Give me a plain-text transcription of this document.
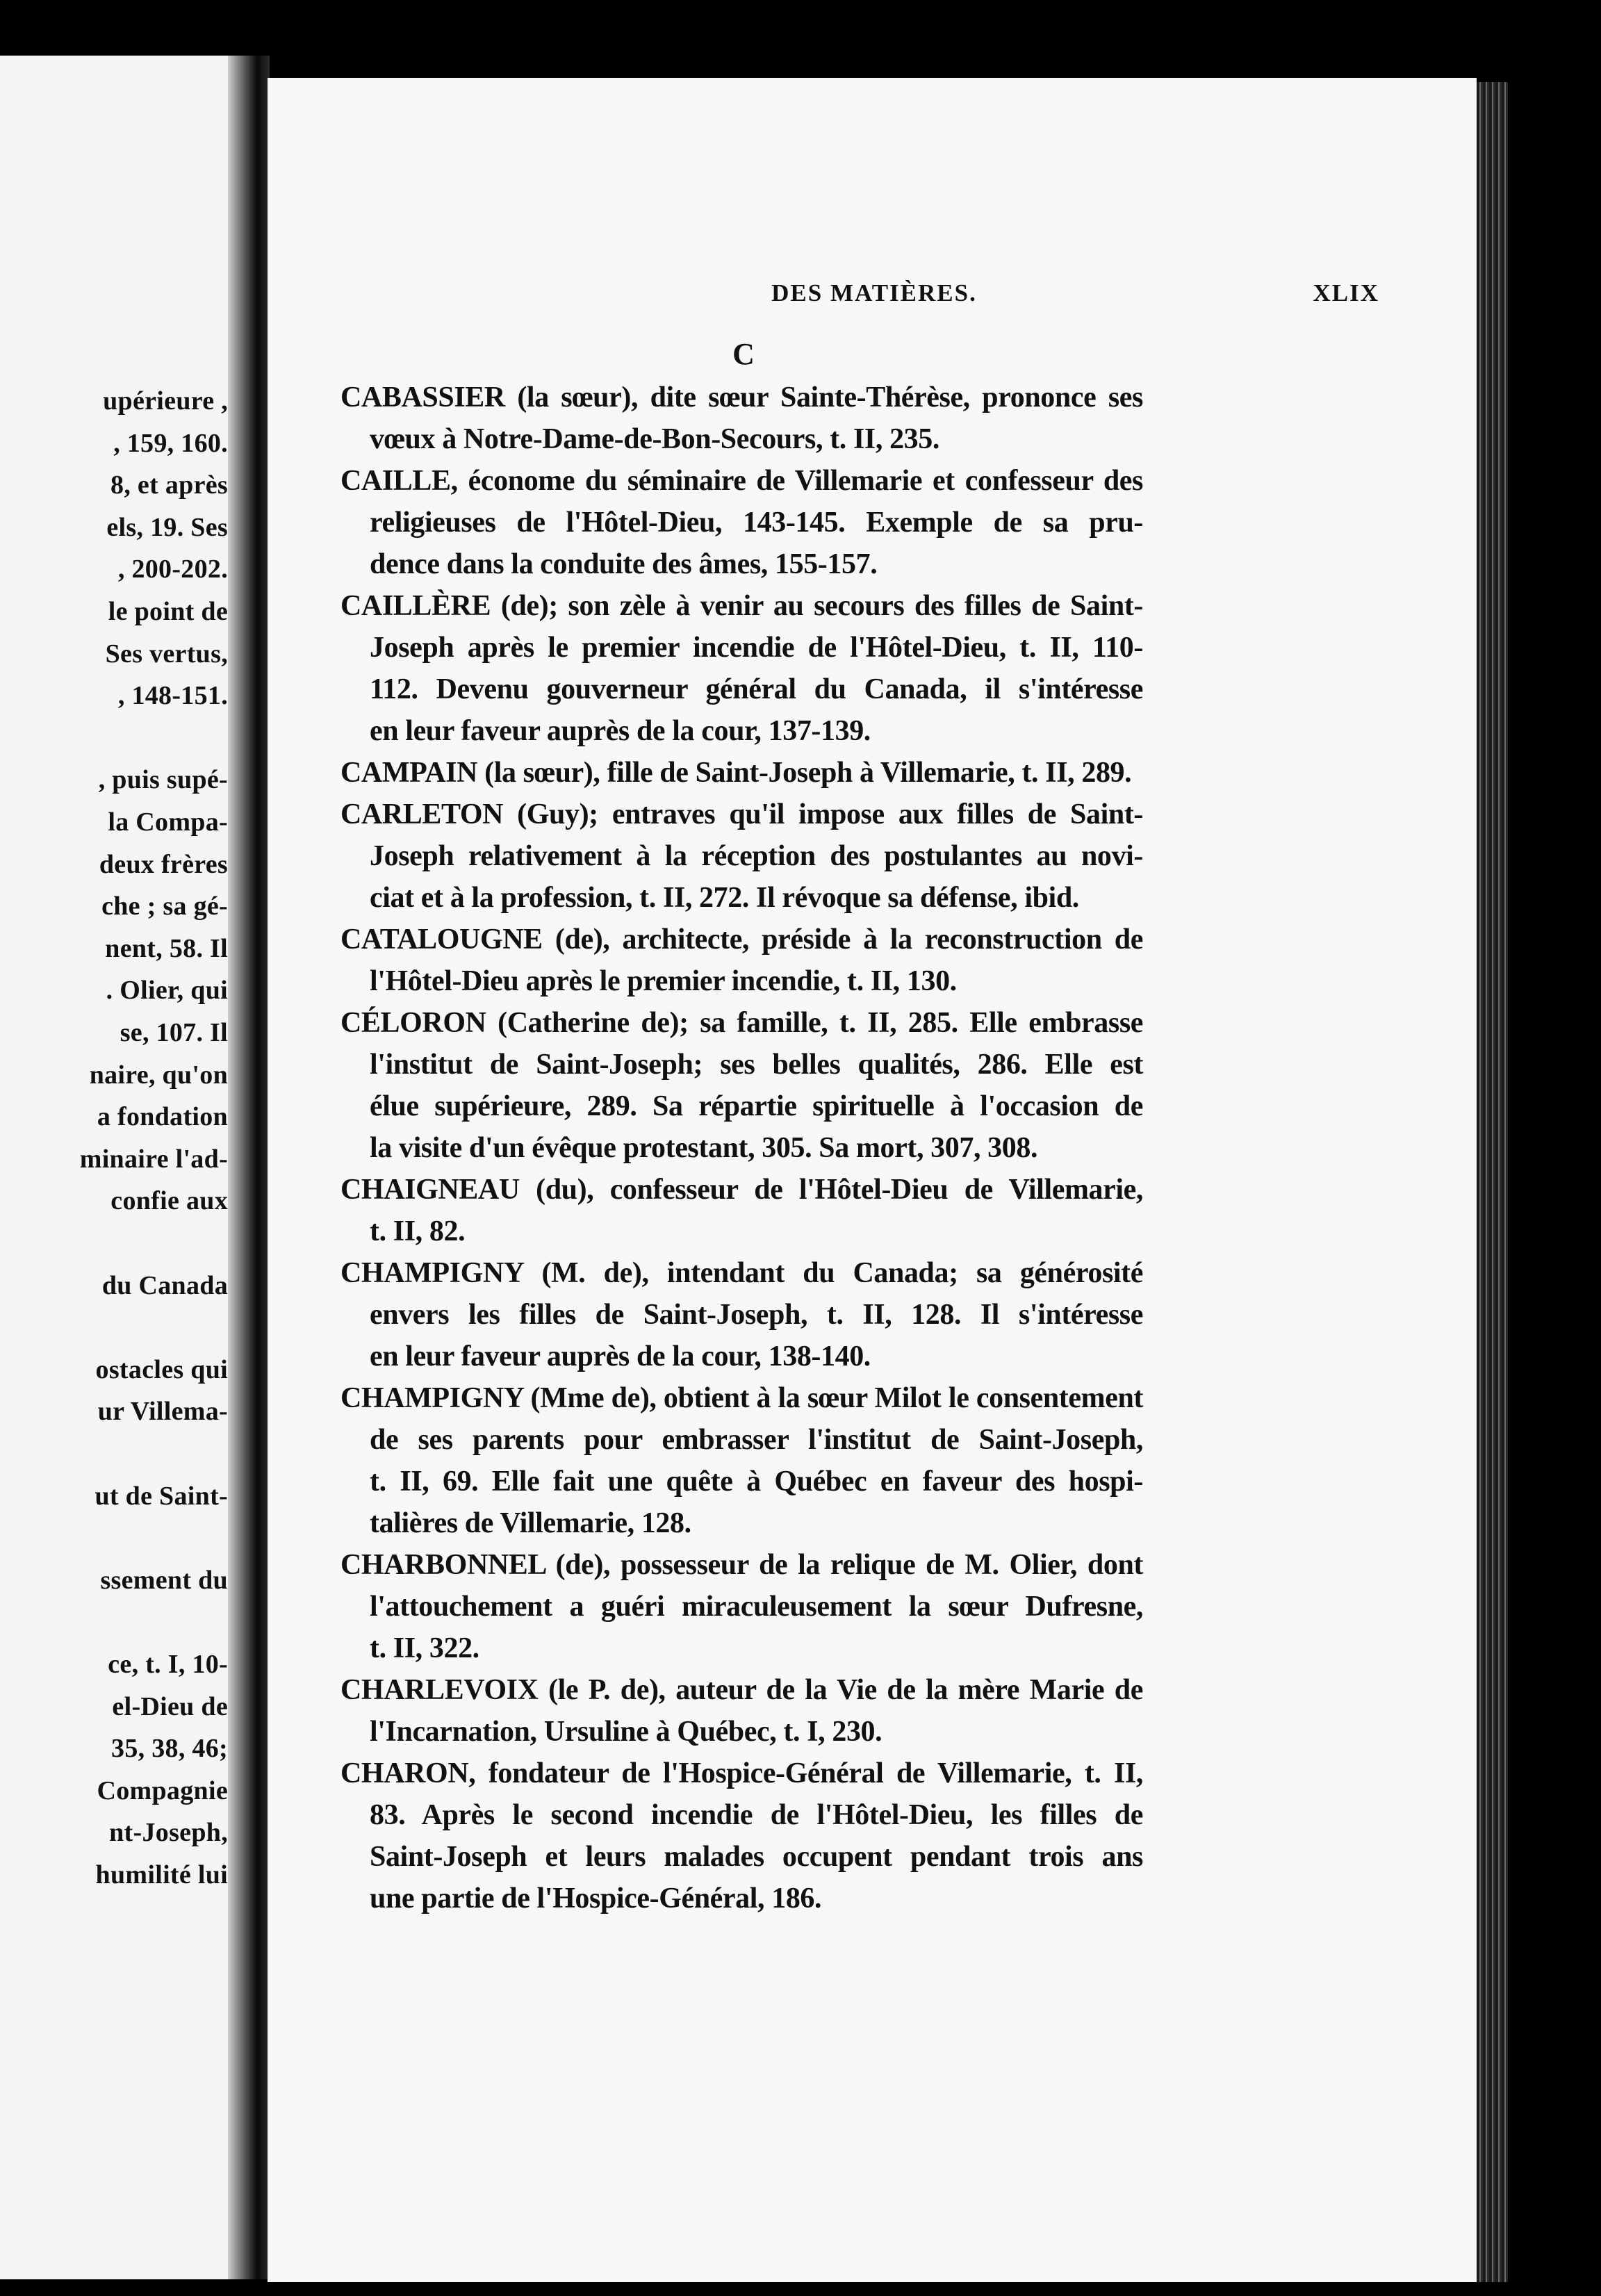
upérieure ,
, 159, 160.
8, et après
els, 19. Ses
, 200-202.
le point de
Ses vertus,
, 148-151.
, puis supé-
la Compa-
deux frères
che ; sa gé-
nent, 58. Il
. Olier, qui
se, 107. Il
naire, qu'on
a fondation
minaire l'ad-
confie aux
du Canada
ostacles qui
ur Villema-
ut de Saint-
ssement du
ce, t. I, 10-
el-Dieu de
35, 38, 46;
Compagnie
nt-Joseph,
humilité lui
DES MATIÈRES.	XLIX
C
CABASSIER (la sœur), dite sœur Sainte-Thérèse, prononce ses
vœux à Notre-Dame-de-Bon-Secours, t. II, 235.
CAILLE, économe du séminaire de Villemarie et confesseur des
religieuses de l'Hôtel-Dieu, 143-145. Exemple de sa pru-
dence dans la conduite des âmes, 155-157.
CAILLÈRE (de); son zèle à venir au secours des filles de Saint-
Joseph après le premier incendie de l'Hôtel-Dieu, t. II, 110-
112. Devenu gouverneur général du Canada, il s'intéresse
en leur faveur auprès de la cour, 137-139.
CAMPAIN (la sœur), fille de Saint-Joseph à Villemarie, t. II, 289.
CARLETON (Guy); entraves qu'il impose aux filles de Saint-
Joseph relativement à la réception des postulantes au novi-
ciat et à la profession, t. II, 272. Il révoque sa défense, ibid.
CATALOUGNE (de), architecte, préside à la reconstruction de
l'Hôtel-Dieu après le premier incendie, t. II, 130.
CÉLORON (Catherine de); sa famille, t. II, 285. Elle embrasse
l'institut de Saint-Joseph; ses belles qualités, 286. Elle est
élue supérieure, 289. Sa répartie spirituelle à l'occasion de
la visite d'un évêque protestant, 305. Sa mort, 307, 308.
CHAIGNEAU (du), confesseur de l'Hôtel-Dieu de Villemarie,
t. II, 82.
CHAMPIGNY (M. de), intendant du Canada; sa générosité
envers les filles de Saint-Joseph, t. II, 128. Il s'intéresse
en leur faveur auprès de la cour, 138-140.
CHAMPIGNY (Mme de), obtient à la sœur Milot le consentement
de ses parents pour embrasser l'institut de Saint-Joseph,
t. II, 69. Elle fait une quête à Québec en faveur des hospi-
talières de Villemarie, 128.
CHARBONNEL (de), possesseur de la relique de M. Olier, dont
l'attouchement a guéri miraculeusement la sœur Dufresne,
t. II, 322.
CHARLEVOIX (le P. de), auteur de la Vie de la mère Marie de
l'Incarnation, Ursuline à Québec, t. I, 230.
CHARON, fondateur de l'Hospice-Général de Villemarie, t. II,
83. Après le second incendie de l'Hôtel-Dieu, les filles de
Saint-Joseph et leurs malades occupent pendant trois ans
une partie de l'Hospice-Général, 186.
